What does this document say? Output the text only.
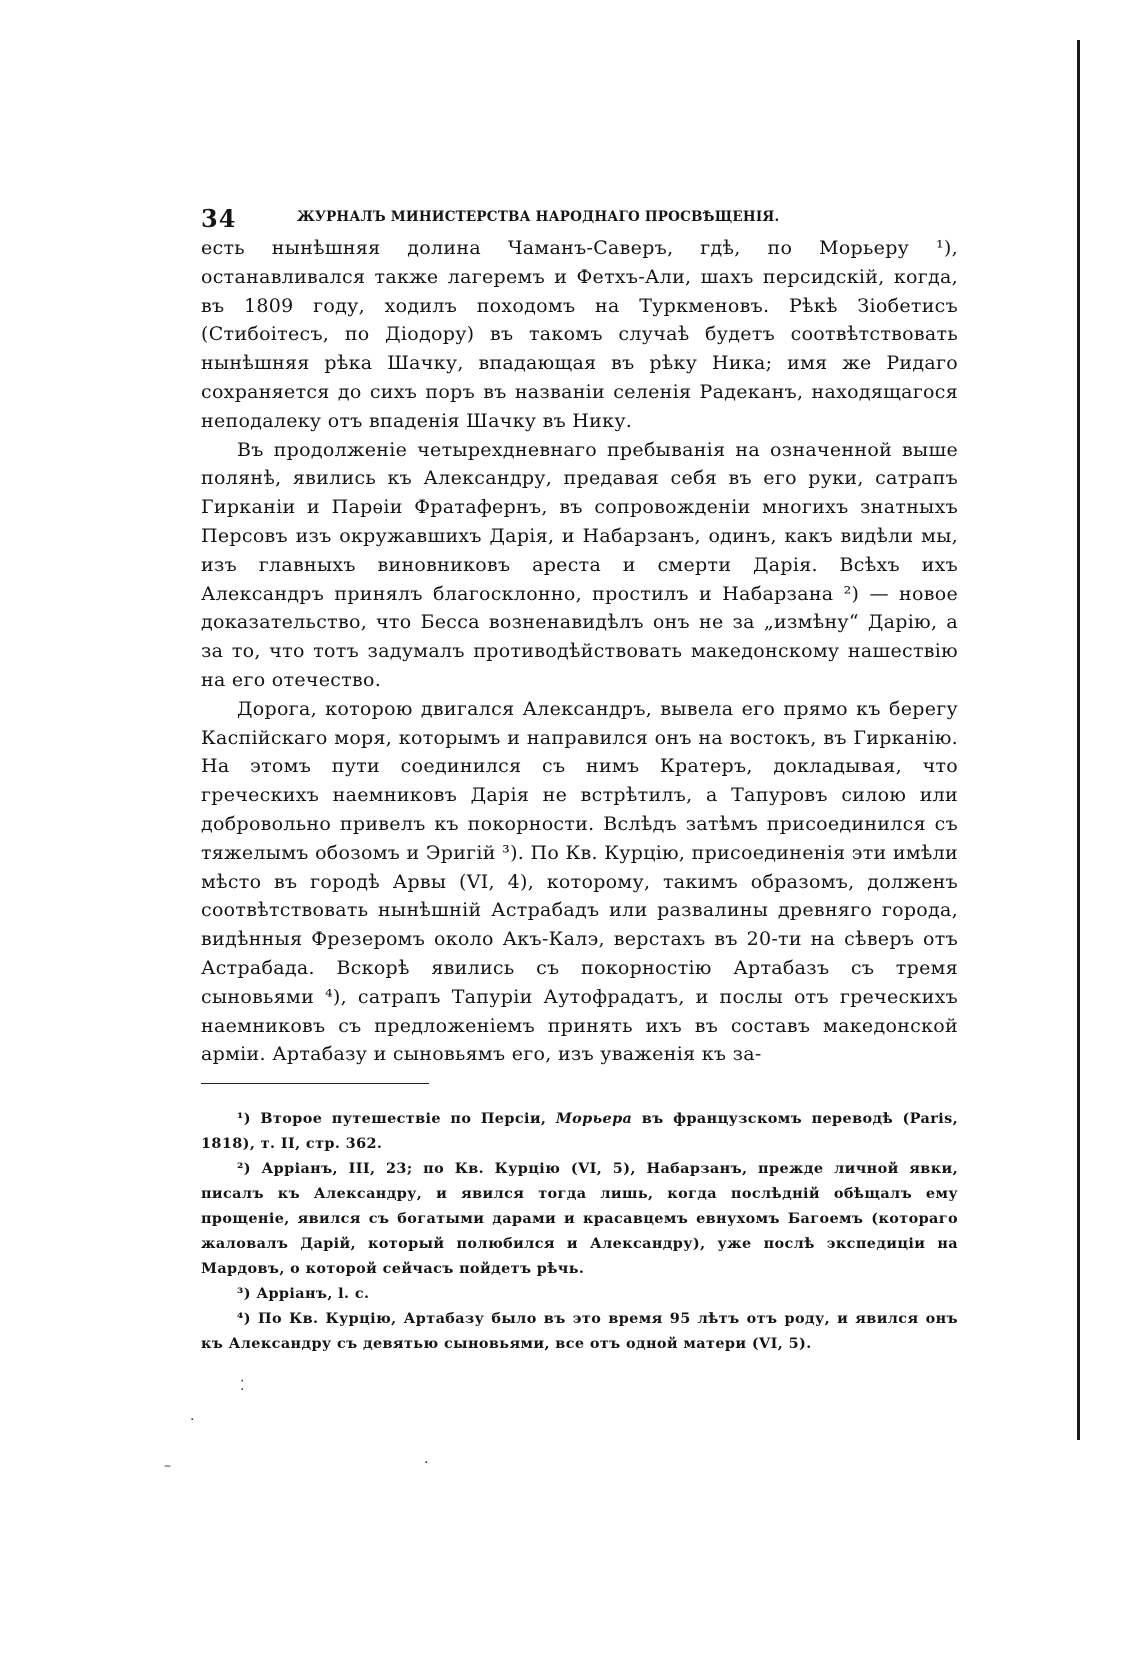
34	ЖУРНАЛЪ МИНИСТЕРСТВА НАРОДНАГО ПРОСВѢЩЕНІЯ.

есть нынѣшняя долина Чаманъ-Саверъ, гдѣ, по Морьеру ¹), останавливался также лагеремъ и Фетхъ-Али, шахъ персидскій, когда, въ 1809 году, ходилъ походомъ на Туркменовъ. Рѣкѣ Зіобетисъ (Стибоітесъ, по Діодору) въ такомъ случаѣ будетъ соотвѣтствовать нынѣшняя рѣка Шачку, впадающая въ рѣку Ника; имя же Ридаго сохраняется до сихъ поръ въ названіи селенія Радеканъ, находящагося неподалеку отъ впаденія Шачку въ Нику.

Въ продолженіе четырехдневнаго пребыванія на означенной выше полянѣ, явились къ Александру, предавая себя въ его руки, сатрапъ Гирканіи и Парѳіи Фратафернъ, въ сопровожденіи многихъ знатныхъ Персовъ изъ окружавшихъ Дарія, и Набарзанъ, одинъ, какъ видѣли мы, изъ главныхъ виновниковъ ареста и смерти Дарія. Всѣхъ ихъ Александръ принялъ благосклонно, простилъ и Набарзана ²) — новое доказательство, что Бесса возненавидѣлъ онъ не за „измѣну“ Дарію, а за то, что тотъ задумалъ противодѣйствовать македонскому нашествію на его отечество.

Дорога, которою двигался Александръ, вывела его прямо къ берегу Каспійскаго моря, которымъ и направился онъ на востокъ, въ Гирканію. На этомъ пути соединился съ нимъ Кратеръ, докладывая, что греческихъ наемниковъ Дарія не встрѣтилъ, а Тапуровъ силою или добровольно привелъ къ покорности. Вслѣдъ затѣмъ присоединился съ тяжелымъ обозомъ и Эригій ³). По Кв. Курцію, присоединенія эти имѣли мѣсто въ городѣ Арвы (VI, 4), которому, такимъ образомъ, долженъ соотвѣтствовать нынѣшній Астрабадъ или развалины древняго города, видѣнныя Фрезеромъ около Акъ-Калэ, верстахъ въ 20-ти на сѣверъ отъ Астрабада. Вскорѣ явились съ покорностію Артабазъ съ тремя сыновьями ⁴), сатрапъ Тапуріи Аутофрадатъ, и послы отъ греческихъ наемниковъ съ предложеніемъ принять ихъ въ составъ македонской арміи. Артабазу и сыновьямъ его, изъ уваженія къ за-

¹) Второе путешествіе по Персіи, Морьера въ французскомъ переводѣ (Paris, 1818), т. II, стр. 362.

²) Арріанъ, III, 23; по Кв. Курцію (VI, 5), Набарзанъ, прежде личной явки, писалъ къ Александру, и явился тогда лишь, когда послѣдній обѣщалъ ему прощеніе, явился съ богатыми дарами и красавцемъ евнухомъ Багоемъ (котораго жаловалъ Дарій, который полюбился и Александру), уже послѣ экспедиціи на Мардовъ, о которой сейчасъ пойдетъ рѣчь.

³) Арріанъ, l. c.

⁴) По Кв. Курцію, Артабазу было въ это время 95 лѣтъ отъ роду, и явился онъ къ Александру съ девятью сыновьями, все отъ одной матери (VI, 5).

⁚
·
–	·
